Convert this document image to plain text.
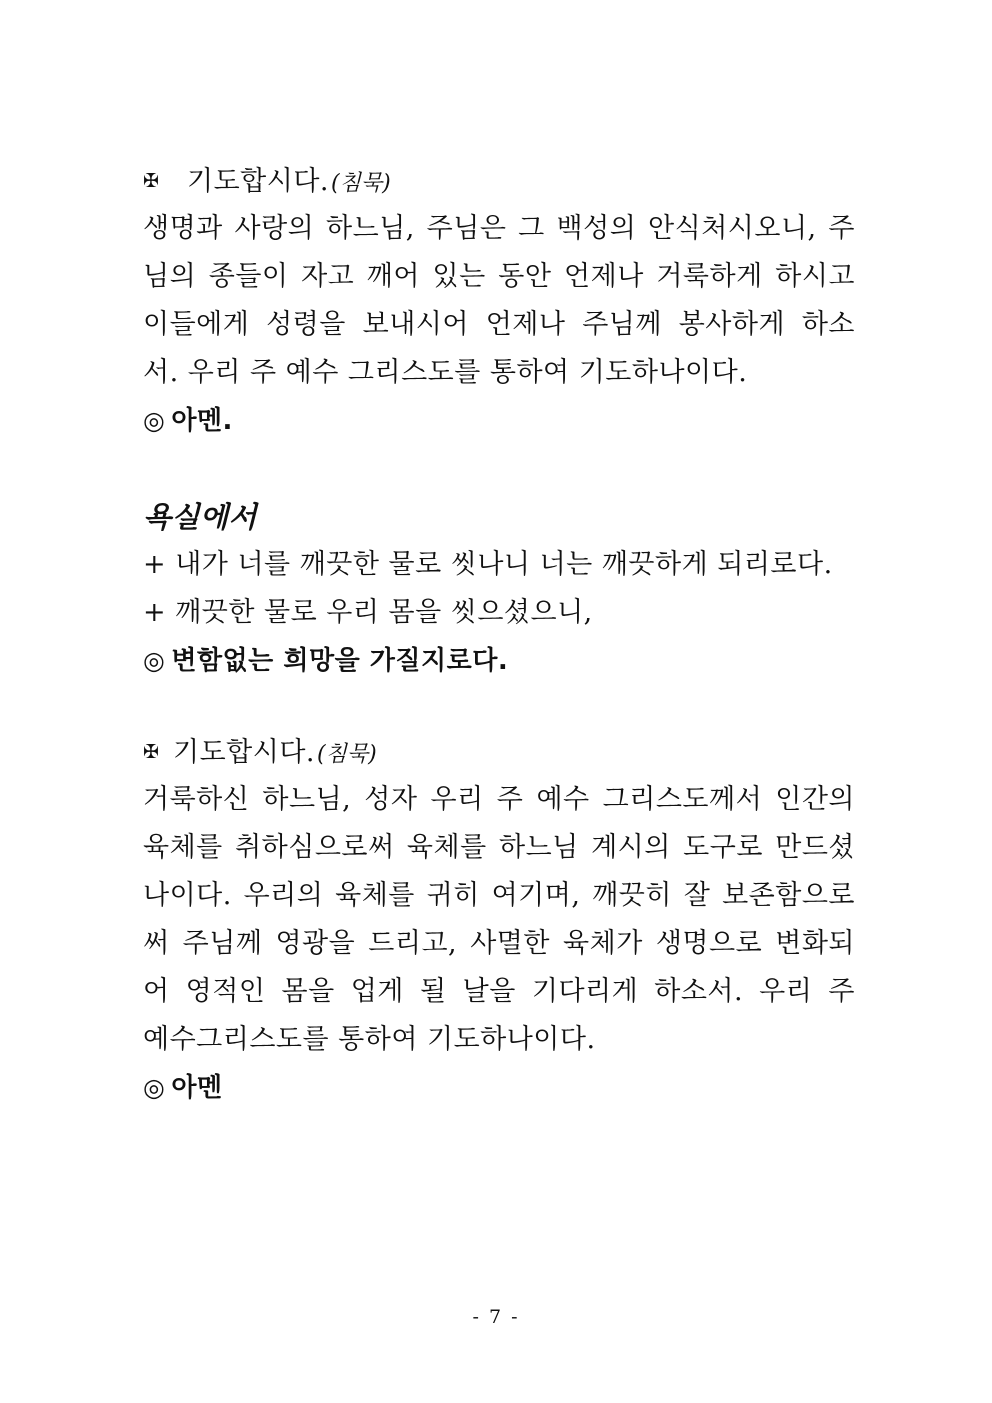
✠ 기도합시다.(침묵)
생명과 사랑의 하느님, 주님은 그 백성의 안식처시오니, 주
님의 종들이 자고 깨어 있는 동안 언제나 거룩하게 하시고
이들에게 성령을 보내시어 언제나 주님께 봉사하게 하소
서. 우리 주 예수 그리스도를 통하여 기도하나이다.
◎ 아멘.
욕실에서
+ 내가 너를 깨끗한 물로 씻나니 너는 깨끗하게 되리로다.
+ 깨끗한 물로 우리 몸을 씻으셨으니,
◎ 변함없는 희망을 가질지로다.
✠ 기도합시다.(침묵)
거룩하신 하느님, 성자 우리 주 예수 그리스도께서 인간의
육체를 취하심으로써 육체를 하느님 계시의 도구로 만드셨
나이다. 우리의 육체를 귀히 여기며, 깨끗히 잘 보존함으로
써 주님께 영광을 드리고, 사멸한 육체가 생명으로 변화되
어 영적인 몸을 업게 될 날을 기다리게 하소서. 우리 주
예수그리스도를 통하여 기도하나이다.
◎ 아멘
- 7 -
